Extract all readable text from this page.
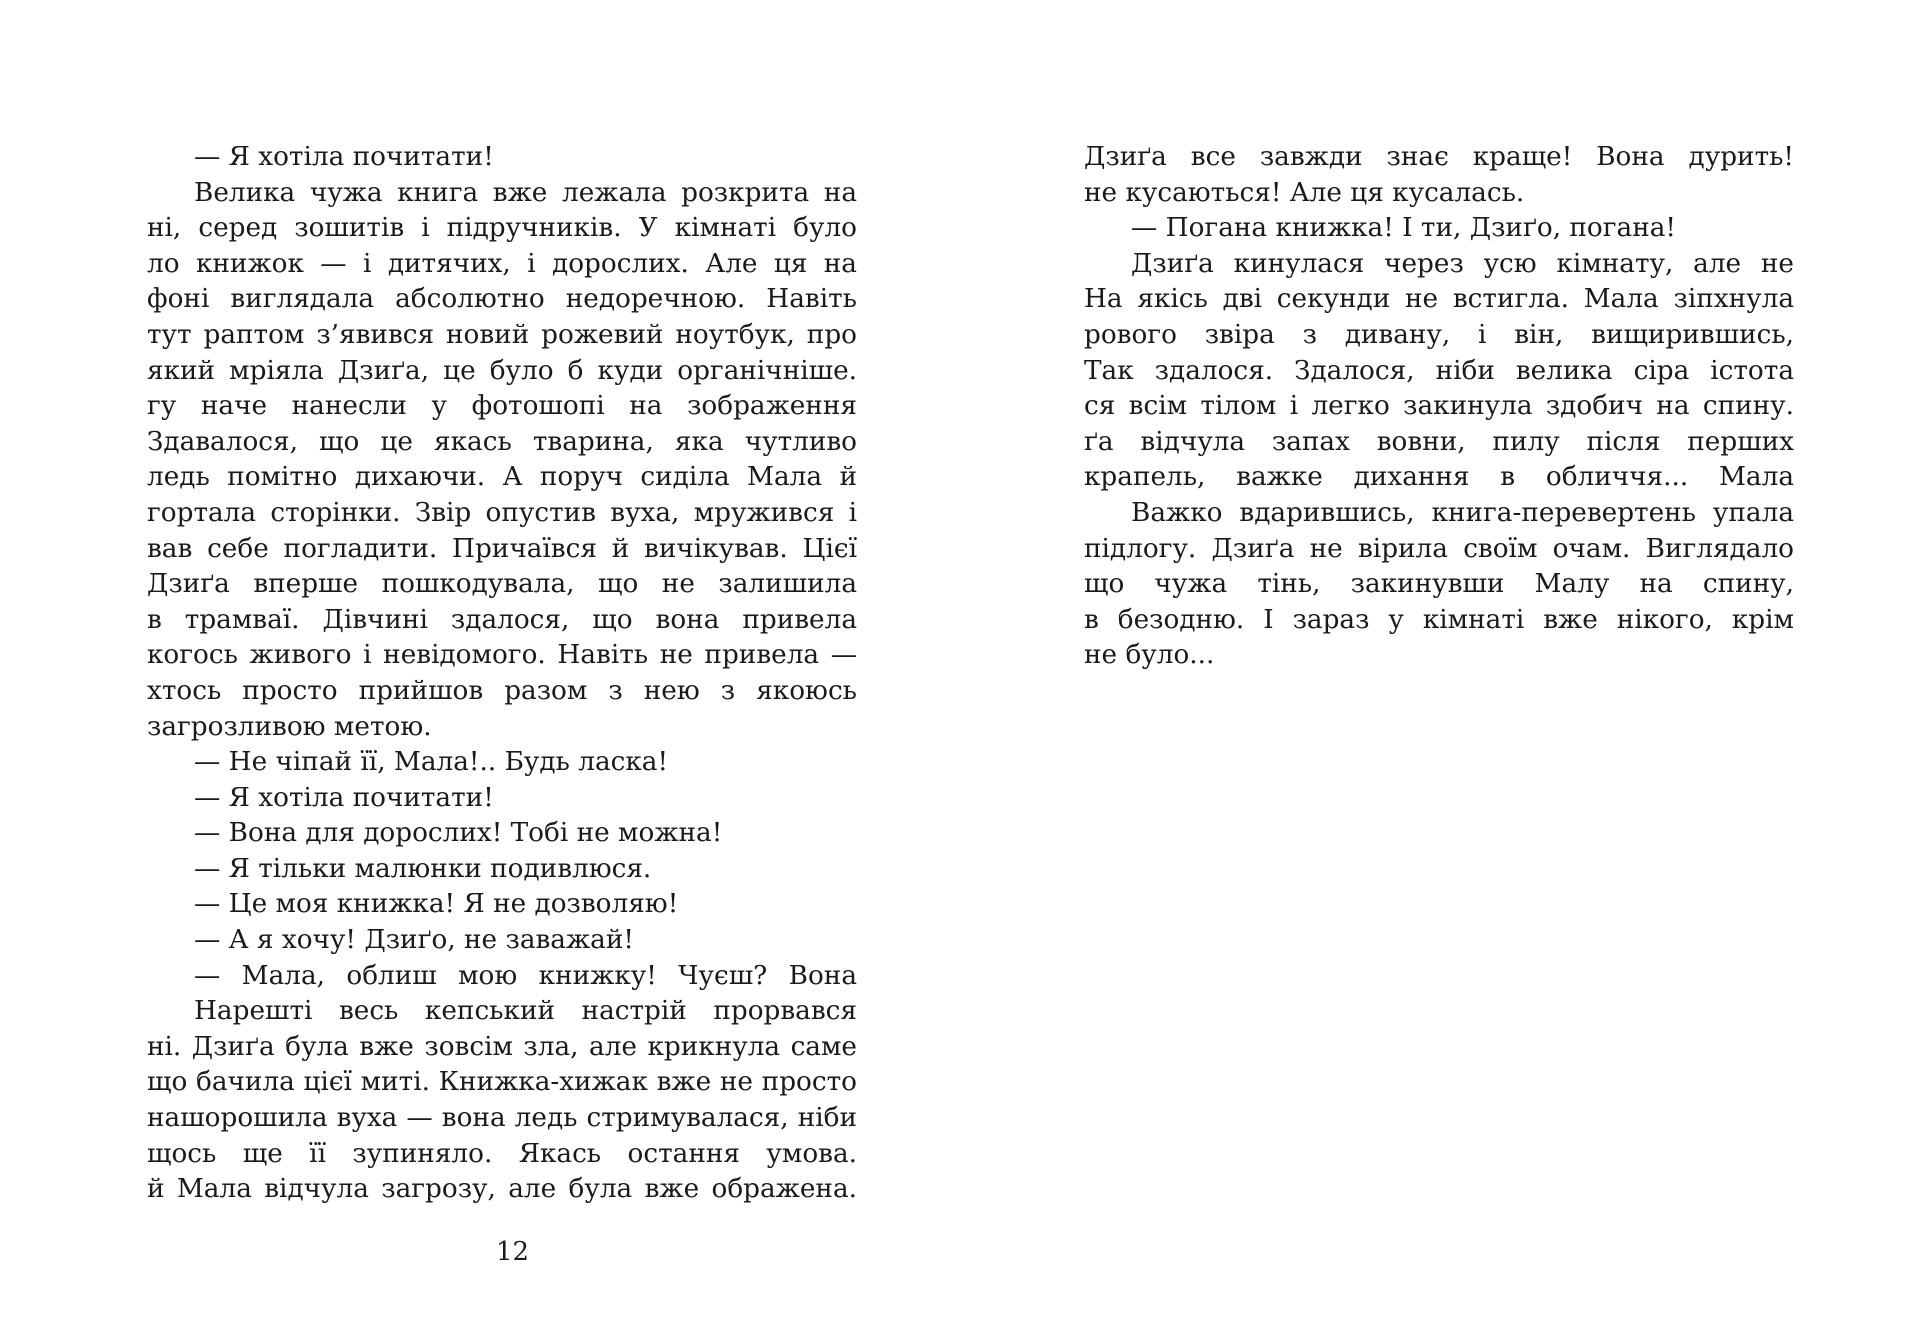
— Я хотіла почитати!
Велика чужа книга вже лежала розкрита на
ні, серед зошитів і підручників. У кімнаті було
ло книжок — і дитячих, і дорослих. Але ця на
фоні виглядала абсолютно недоречною. Навіть
тут раптом з’явився новий рожевий ноутбук, про
який мріяла Дзиґа, це було б куди органічніше.
гу наче нанесли у фотошопі на зображення
Здавалося, що це якась тварина, яка чутливо
ледь помітно дихаючи. А поруч сиділа Мала й
гортала сторінки. Звір опустив вуха, мружився і
вав себе погладити. Причаївся й вичікував. Цієї
Дзиґа вперше пошкодувала, що не залишила
в трамваї. Дівчині здалося, що вона привела
когось живого і невідомого. Навіть не привела —
хтось просто прийшов разом з нею з якоюсь
загрозливою метою.
— Не чіпай її, Мала!.. Будь ласка!
— Я хотіла почитати!
— Вона для дорослих! Тобі не можна!
— Я тільки малюнки подивлюся.
— Це моя книжка! Я не дозволяю!
— А я хочу! Дзиґо, не заважай!
— Мала, облиш мою книжку! Чуєш? Вона
Нарешті весь кепський настрій прорвався
ні. Дзиґа була вже зовсім зла, але крикнула саме
що бачила цієї миті. Книжка-хижак вже не просто
нашорошила вуха — вона ледь стримувалася, ніби
щось ще її зупиняло. Якась остання умова.
й Мала відчула загрозу, але була вже ображена.
12
Дзиґа все завжди знає краще! Вона дурить!
не кусаються! Але ця кусалась.
— Погана книжка! І ти, Дзиґо, погана!
Дзиґа кинулася через усю кімнату, але не
На якісь дві секунди не встигла. Мала зіпхнула
рового звіра з дивану, і він, вищирившись,
Так здалося. Здалося, ніби велика сіра істота
ся всім тілом і легко закинула здобич на спину.
ґа відчула запах вовни, пилу після перших
крапель, важке дихання в обличчя... Мала
Важко вдарившись, книга-перевертень упала
підлогу. Дзиґа не вірила своїм очам. Виглядало
що чужа тінь, закинувши Малу на спину,
в безодню. І зараз у кімнаті вже нікого, крім
не було...
